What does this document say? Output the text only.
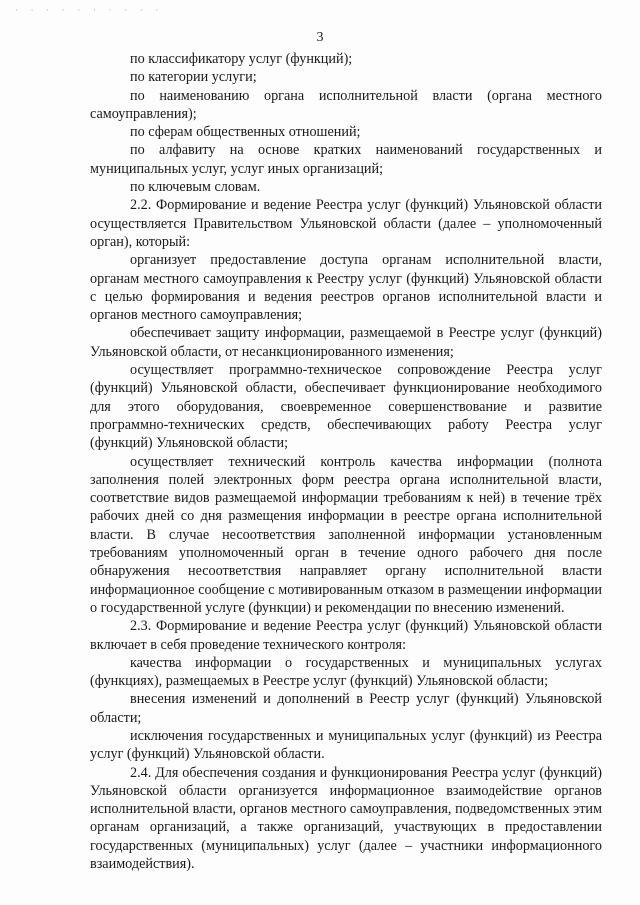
· · · · · · · · · ·
3

по классификатору услуг (функций);

по категории услуги;

по наименованию органа исполнительной власти (органа местного самоуправления);

по сферам общественных отношений;

по алфавиту на основе кратких наименований государственных и муниципальных услуг, услуг иных организаций;

по ключевым словам.

2.2. Формирование и ведение Реестра услуг (функций) Ульяновской области осуществляется Правительством Ульяновской области (далее – уполномоченный орган), который:

организует предоставление доступа органам исполнительной власти, органам местного самоуправления к Реестру услуг (функций) Ульяновской области с целью формирования и ведения реестров органов исполнительной власти и органов местного самоуправления;

обеспечивает защиту информации, размещаемой в Реестре услуг (функций) Ульяновской области, от несанкционированного изменения;

осуществляет программно-техническое сопровождение Реестра услуг (функций) Ульяновской области, обеспечивает функционирование необходимого для этого оборудования, своевременное совершенствование и развитие программно-технических средств, обеспечивающих работу Реестра услуг (функций) Ульяновской области;

осуществляет технический контроль качества информации (полнота заполнения полей электронных форм реестра органа исполнительной власти, соответствие видов размещаемой информации требованиям к ней) в течение трёх рабочих дней со дня размещения информации в реестре органа исполнительной власти. В случае несоответствия заполненной информации установленным требованиям уполномоченный орган в течение одного рабочего дня после обнаружения несоответствия направляет органу исполнительной власти информационное сообщение с мотивированным отказом в размещении информации о государственной услуге (функции) и рекомендации по внесению изменений.

2.3. Формирование и ведение Реестра услуг (функций) Ульяновской области включает в себя проведение технического контроля:

качества информации о государственных и муниципальных услугах (функциях), размещаемых в Реестре услуг (функций) Ульяновской области;

внесения изменений и дополнений в Реестр услуг (функций) Ульяновской области;

исключения государственных и муниципальных услуг (функций) из Реестра услуг (функций) Ульяновской области.

2.4. Для обеспечения создания и функционирования Реестра услуг (функций) Ульяновской области организуется информационное взаимодействие органов исполнительной власти, органов местного самоуправления, подведомственных этим органам организаций, а также организаций, участвующих в предоставлении государственных (муниципальных) услуг (далее – участники информационного взаимодействия).
